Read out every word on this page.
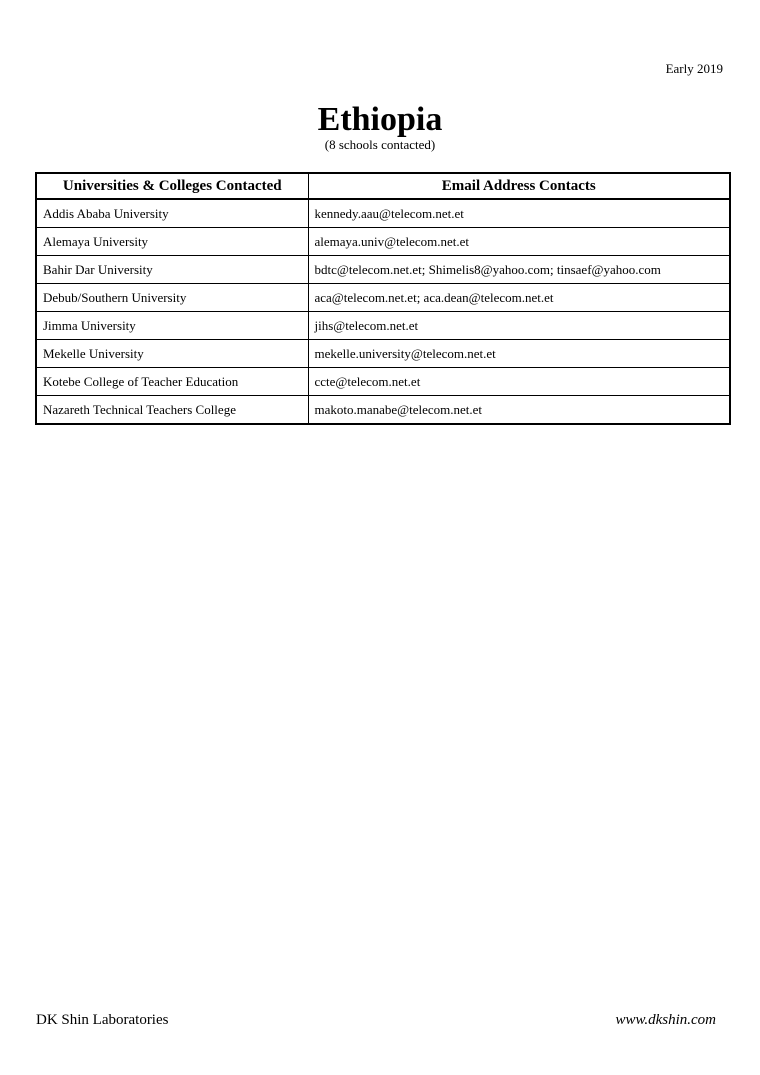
Early 2019
Ethiopia
(8 schools contacted)
Universities & Colleges Contacted	Email Address Contacts
Addis Ababa University	kennedy.aau@telecom.net.et
Alemaya University	alemaya.univ@telecom.net.et
Bahir Dar University	bdtc@telecom.net.et; Shimelis8@yahoo.com; tinsaef@yahoo.com
Debub/Southern University	aca@telecom.net.et; aca.dean@telecom.net.et
Jimma University	jihs@telecom.net.et
Mekelle University	mekelle.university@telecom.net.et
Kotebe College of Teacher Education	ccte@telecom.net.et
Nazareth Technical Teachers College	makoto.manabe@telecom.net.et
DK Shin Laboratories	www.dkshin.com
